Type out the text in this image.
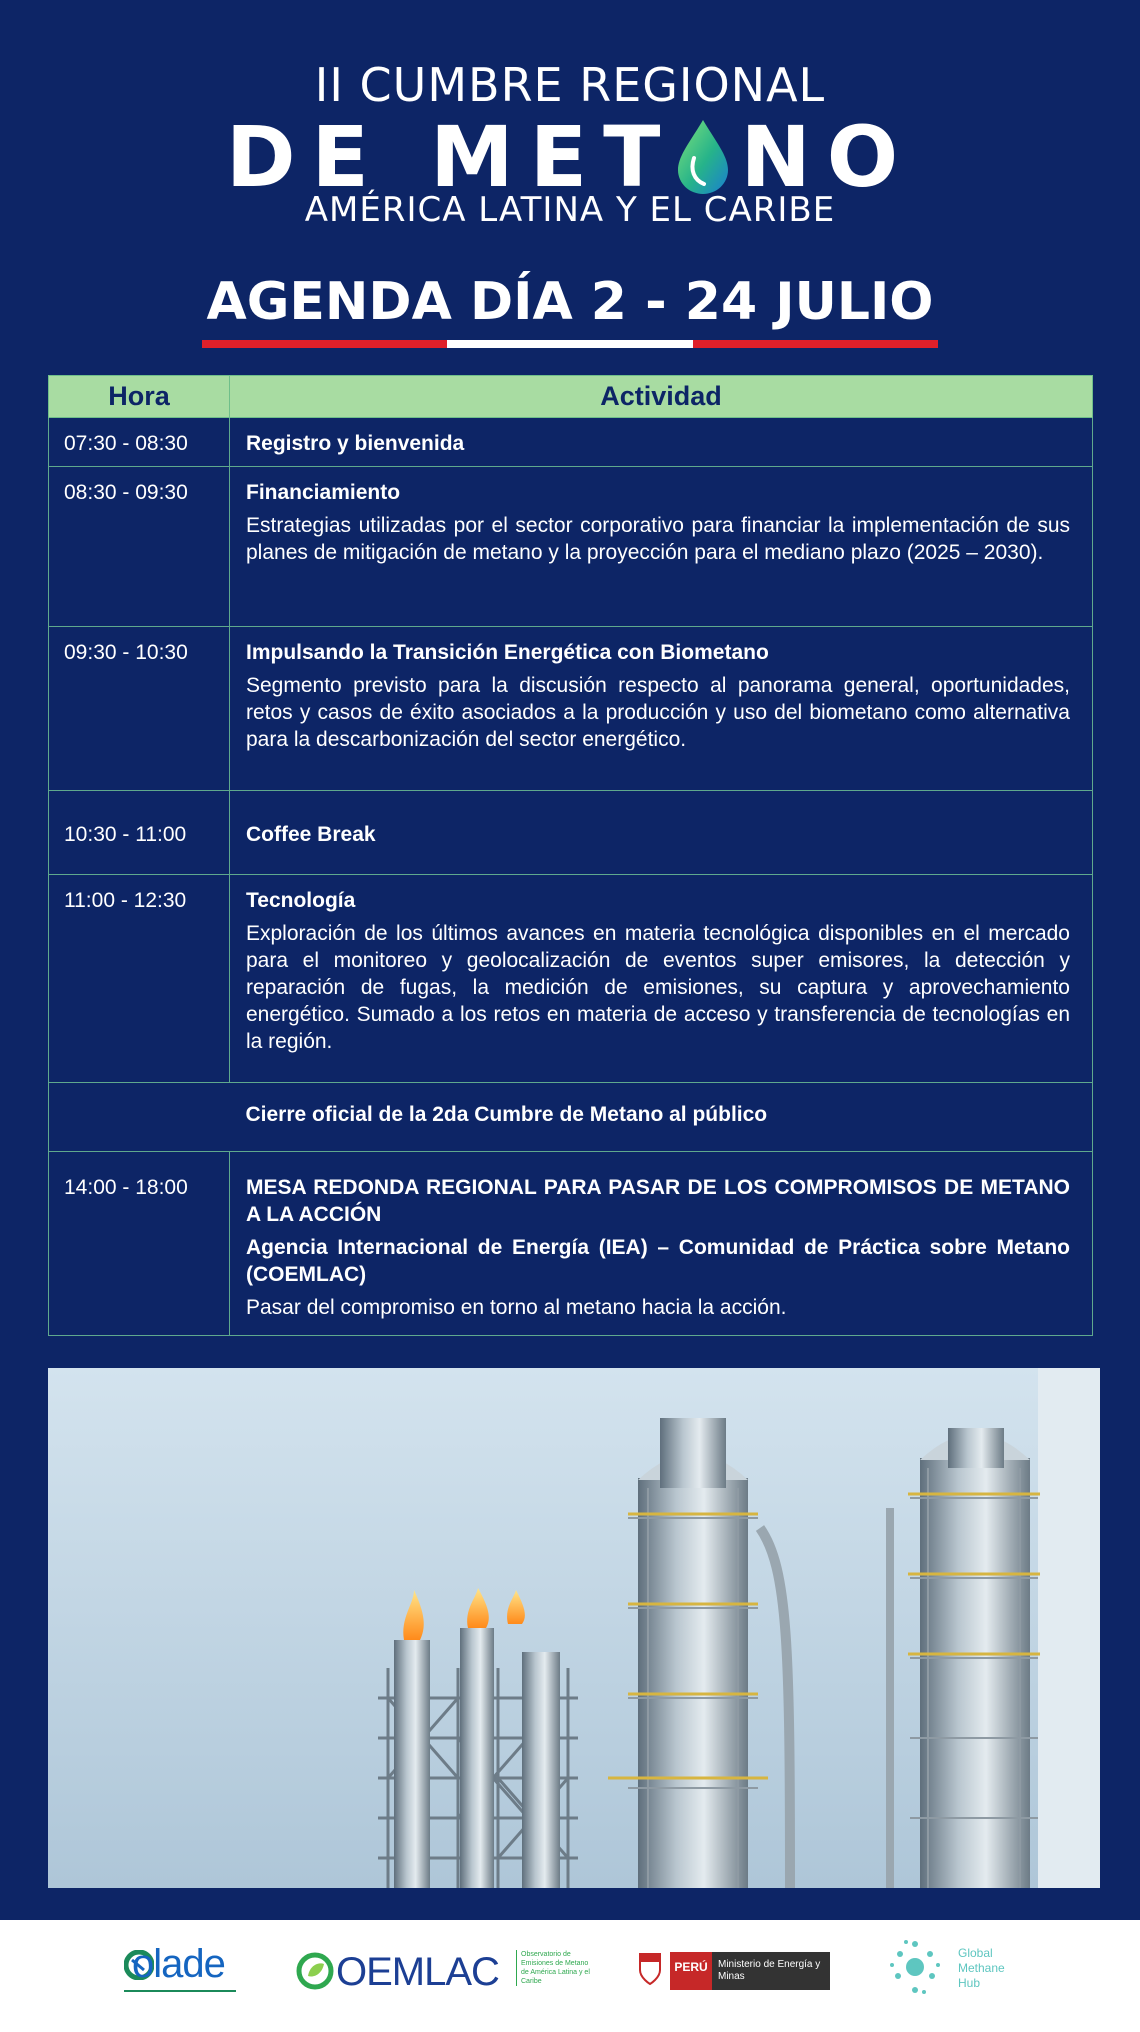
II CUMBRE REGIONAL
DE MET NO
AMÉRICA LATINA Y EL CARIBE
AGENDA DÍA 2 - 24 JULIO
Hora	Actividad
07:30 - 08:30	Registro y bienvenida

08:30 - 09:30	Financiamiento
Estrategias utilizadas por el sector corporativo para financiar la implementación de sus planes de mitigación de metano y la proyección para el mediano plazo (2025 – 2030).

09:30 - 10:30	Impulsando la Transición Energética con Biometano
Segmento previsto para la discusión respecto al panorama general, oportunidades, retos y casos de éxito asociados a la producción y uso del biometano como alternativa para la descarbonización del sector energético.

10:30 - 11:00	Coffee Break

11:00 - 12:30	Tecnología
Exploración de los últimos avances en materia tecnológica disponibles en el mercado para el monitoreo y geolocalización de eventos super emisores, la detección y reparación de fugas, la medición de emisiones, su captura y aprovechamiento energético. Sumado a los retos en materia de acceso y transferencia de tecnologías en la región.

	Cierre oficial de la 2da Cumbre de Metano al público

14:00 - 18:00	MESA REDONDA REGIONAL PARA PASAR DE LOS COMPROMISOS DE METANO A LA ACCIÓN
Agencia Internacional de Energía (IEA) – Comunidad de Práctica sobre Metano (COEMLAC)
Pasar del compromiso en torno al metano hacia la acción.
olade	OEMLAC	Observatorio de Emisiones de Metano de América Latina y el Caribe
PERÚ	Ministerio de Energía y Minas
Global Methane Hub
